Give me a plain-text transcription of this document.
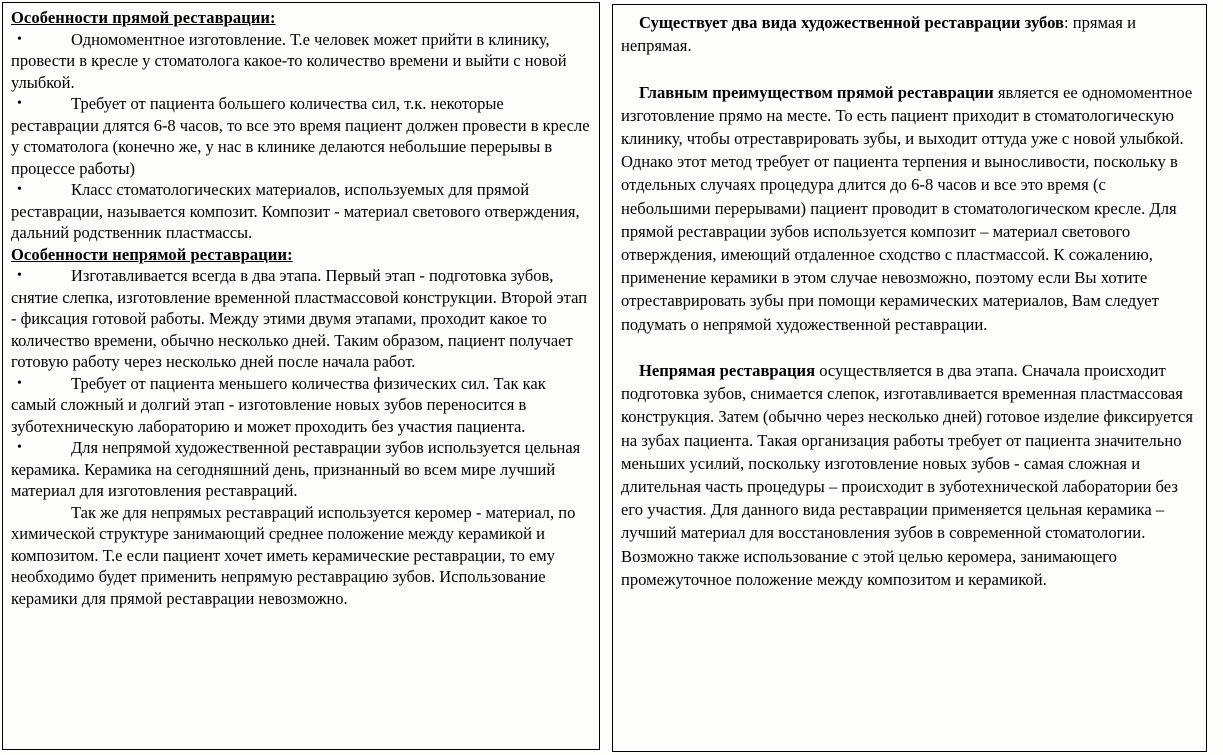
Особенности прямой реставрации:
•	Одномоментное изготовление. Т.е человек может прийти в клинику, провести в кресле у стоматолога какое-то количество времени и выйти с новой улыбкой.
•	Требует от пациента большего количества сил, т.к. некоторые реставрации длятся 6-8 часов, то все это время пациент должен провести в кресле у стоматолога (конечно же, у нас в клинике делаются небольшие перерывы в процессе работы)
•	Класс стоматологических материалов, используемых для прямой реставрации, называется композит. Композит - материал светового отверждения, дальний родственник пластмассы.
Особенности непрямой реставрации:
•	Изготавливается всегда в два этапа. Первый этап - подготовка зубов, снятие слепка, изготовление временной пластмассовой конструкции. Второй этап - фиксация готовой работы. Между этими двумя этапами, проходит какое то количество времени, обычно несколько дней. Таким образом, пациент получает готовую работу через несколько дней после начала работ.
•	Требует от пациента меньшего количества физических сил. Так как самый сложный и долгий этап - изготовление новых зубов переносится в зуботехническую лабораторию и может проходить без участия пациента.
•	Для непрямой художественной реставрации зубов используется цельная керамика. Керамика на сегодняшний день, признанный во всем мире лучший материал для изготовления реставраций.
Так же для непрямых реставраций используется керомер - материал, по химической структуре занимающий среднее положение между керамикой и композитом. Т.е если пациент хочет иметь керамические реставрации, то ему необходимо будет применить непрямую реставрацию зубов. Использование керамики для прямой реставрации невозможно.

Существует два вида художественной реставрации зубов: прямая и непрямая.

Главным преимуществом прямой реставрации является ее одномоментное изготовление прямо на месте. То есть пациент приходит в стоматологическую клинику, чтобы отреставрировать зубы, и выходит оттуда уже с новой улыбкой. Однако этот метод требует от пациента терпения и выносливости, поскольку в отдельных случаях процедура длится до 6-8 часов и все это время (с небольшими перерывами) пациент проводит в стоматологическом кресле. Для прямой реставрации зубов используется композит – материал светового отверждения, имеющий отдаленное сходство с пластмассой. К сожалению, применение керамики в этом случае невозможно, поэтому если Вы хотите отреставрировать зубы при помощи керамических материалов, Вам следует подумать о непрямой художественной реставрации.

Непрямая реставрация осуществляется в два этапа. Сначала происходит подготовка зубов, снимается слепок, изготавливается временная пластмассовая конструкция. Затем (обычно через несколько дней) готовое изделие фиксируется на зубах пациента. Такая организация работы требует от пациента значительно меньших усилий, поскольку изготовление новых зубов - самая сложная и длительная часть процедуры – происходит в зуботехнической лаборатории без его участия. Для данного вида реставрации применяется цельная керамика – лучший материал для восстановления зубов в современной стоматологии. Возможно также использование с этой целью керомера, занимающего промежуточное положение между композитом и керамикой.
